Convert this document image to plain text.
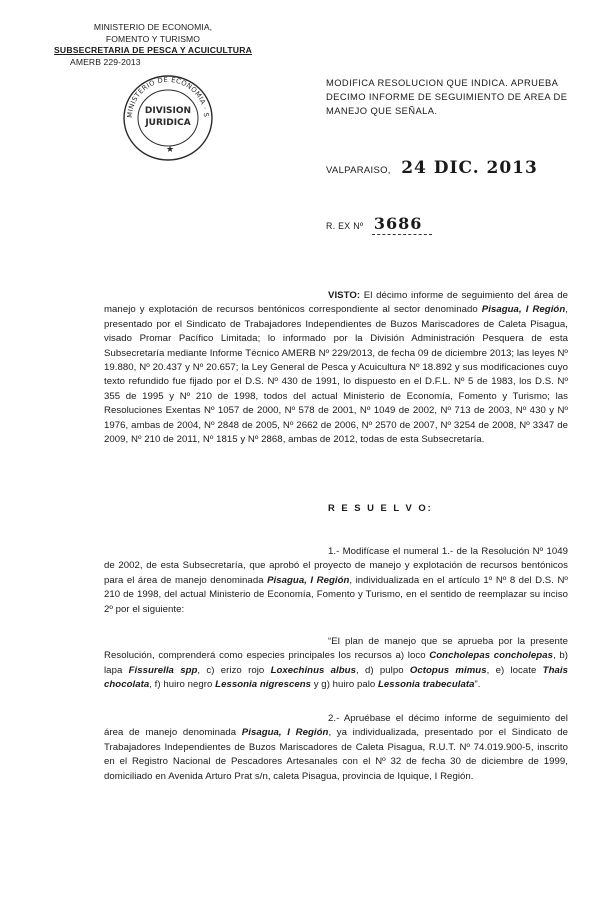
MINISTERIO DE ECONOMIA,
FOMENTO Y TURISMO
SUBSECRETARIA DE PESCA Y ACUICULTURA
AMERB 229-2013
MINISTERIO DE ECONOMIA · S
DIVISION
JURIDICA
★
MODIFICA RESOLUCION QUE INDICA. APRUEBA
DECIMO INFORME DE SEGUIMIENTO DE AREA DE
MANEJO QUE SEÑALA.
VALPARAISO, 24 DIC. 2013
R. EX Nº 3686
VISTO: El décimo informe de seguimiento del área de manejo y explotación de recursos bentónicos correspondiente al sector denominado Pisagua, I Región, presentado por el Sindicato de Trabajadores Independientes de Buzos Mariscadores de Caleta Pisagua, visado Promar Pacífico Limitada; lo informado por la División Administración Pesquera de esta Subsecretaría mediante Informe Técnico AMERB Nº 229/2013, de fecha 09 de diciembre 2013; las leyes Nº 19.880, Nº 20.437 y Nº 20.657; la Ley General de Pesca y Acuicultura Nº 18.892 y sus modificaciones cuyo texto refundido fue fijado por el D.S. Nº 430 de 1991, lo dispuesto en el D.F.L. Nº 5 de 1983, los D.S. Nº 355 de 1995 y Nº 210 de 1998, todos del actual Ministerio de Economía, Fomento y Turismo; las Resoluciones Exentas Nº 1057 de 2000, Nº 578 de 2001, Nº 1049 de 2002, Nº 713 de 2003, Nº 430 y Nº 1976, ambas de 2004, Nº 2848 de 2005, Nº 2662 de 2006, Nº 2570 de 2007, Nº 3254 de 2008, Nº 3347 de 2009, Nº 210 de 2011, Nº 1815 y Nº 2868, ambas de 2012, todas de esta Subsecretaría.
R E S U E L V O:
1.- Modifícase el numeral 1.- de la Resolución Nº 1049 de 2002, de esta Subsecretaría, que aprobó el proyecto de manejo y explotación de recursos bentónicos para el área de manejo denominada Pisagua, I Región, individualizada en el artículo 1º Nº 8 del D.S. Nº 210 de 1998, del actual Ministerio de Economía, Fomento y Turismo, en el sentido de reemplazar su inciso 2º por el siguiente:
“El plan de manejo que se aprueba por la presente Resolución, comprenderá como especies principales los recursos a) loco Concholepas concholepas, b) lapa Fissurella spp, c) erizo rojo Loxechinus albus, d) pulpo Octopus mimus, e) locate Thais chocolata, f) huiro negro Lessonia nigrescens y g) huiro palo Lessonia trabeculata”.
2.- Apruébase el décimo informe de seguimiento del área de manejo denominada Pisagua, I Región, ya individualizada, presentado por el Sindicato de Trabajadores Independientes de Buzos Mariscadores de Caleta Pisagua, R.U.T. Nº 74.019.900-5, inscrito en el Registro Nacional de Pescadores Artesanales con el Nº 32 de fecha 30 de diciembre de 1999, domiciliado en Avenida Arturo Prat s/n, caleta Pisagua, provincia de Iquique, I Región.
